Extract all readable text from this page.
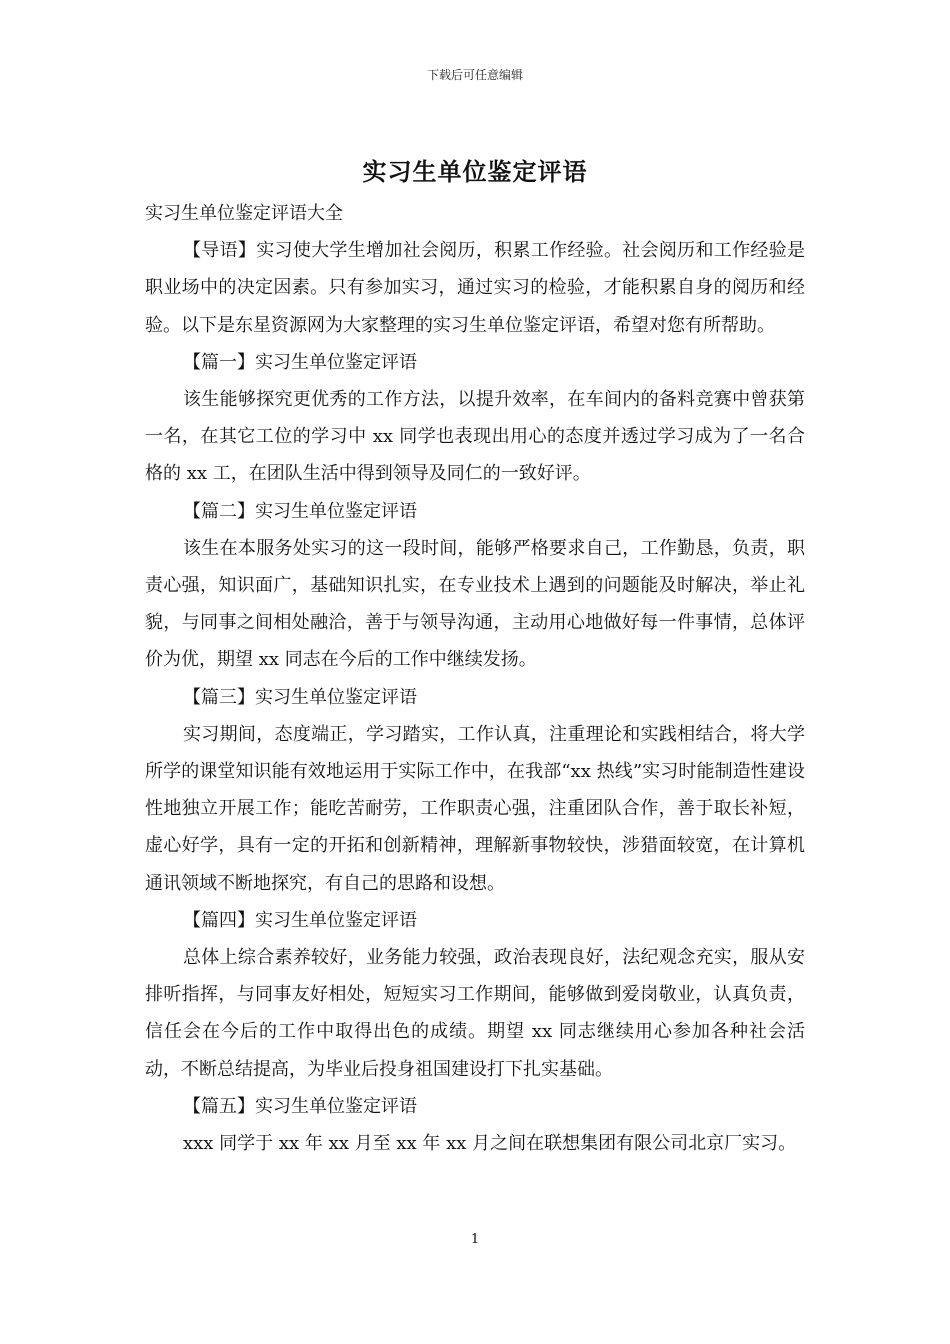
下载后可任意编辑
实习生单位鉴定评语

实习生单位鉴定评语大全

【导语】实习使大学生增加社会阅历，积累工作经验。社会阅历和工作经验是职业场中的决定因素。只有参加实习，通过实习的检验，才能积累自身的阅历和经验。以下是东星资源网为大家整理的实习生单位鉴定评语，希望对您有所帮助。

【篇一】实习生单位鉴定评语

该生能够探究更优秀的工作方法，以提升效率，在车间内的备料竞赛中曾获第一名，在其它工位的学习中 xx 同学也表现出用心的态度并透过学习成为了一名合格的 xx 工，在团队生活中得到领导及同仁的一致好评。

【篇二】实习生单位鉴定评语

该生在本服务处实习的这一段时间，能够严格要求自己，工作勤恳，负责，职责心强，知识面广，基础知识扎实，在专业技术上遇到的问题能及时解决，举止礼貌，与同事之间相处融洽，善于与领导沟通，主动用心地做好每一件事情，总体评价为优，期望 xx 同志在今后的工作中继续发扬。

【篇三】实习生单位鉴定评语

实习期间，态度端正，学习踏实，工作认真，注重理论和实践相结合，将大学所学的课堂知识能有效地运用于实际工作中，在我部“xx 热线”实习时能制造性建设性地独立开展工作；能吃苦耐劳，工作职责心强，注重团队合作，善于取长补短，虚心好学，具有一定的开拓和创新精神，理解新事物较快，涉猎面较宽，在计算机通讯领域不断地探究，有自己的思路和设想。

【篇四】实习生单位鉴定评语

总体上综合素养较好，业务能力较强，政治表现良好，法纪观念充实，服从安排听指挥，与同事友好相处，短短实习工作期间，能够做到爱岗敬业，认真负责，信任会在今后的工作中取得出色的成绩。期望 xx 同志继续用心参加各种社会活动，不断总结提高，为毕业后投身祖国建设打下扎实基础。

【篇五】实习生单位鉴定评语

xxx 同学于 xx 年 xx 月至 xx 年 xx 月之间在联想集团有限公司北京厂实习。

1
